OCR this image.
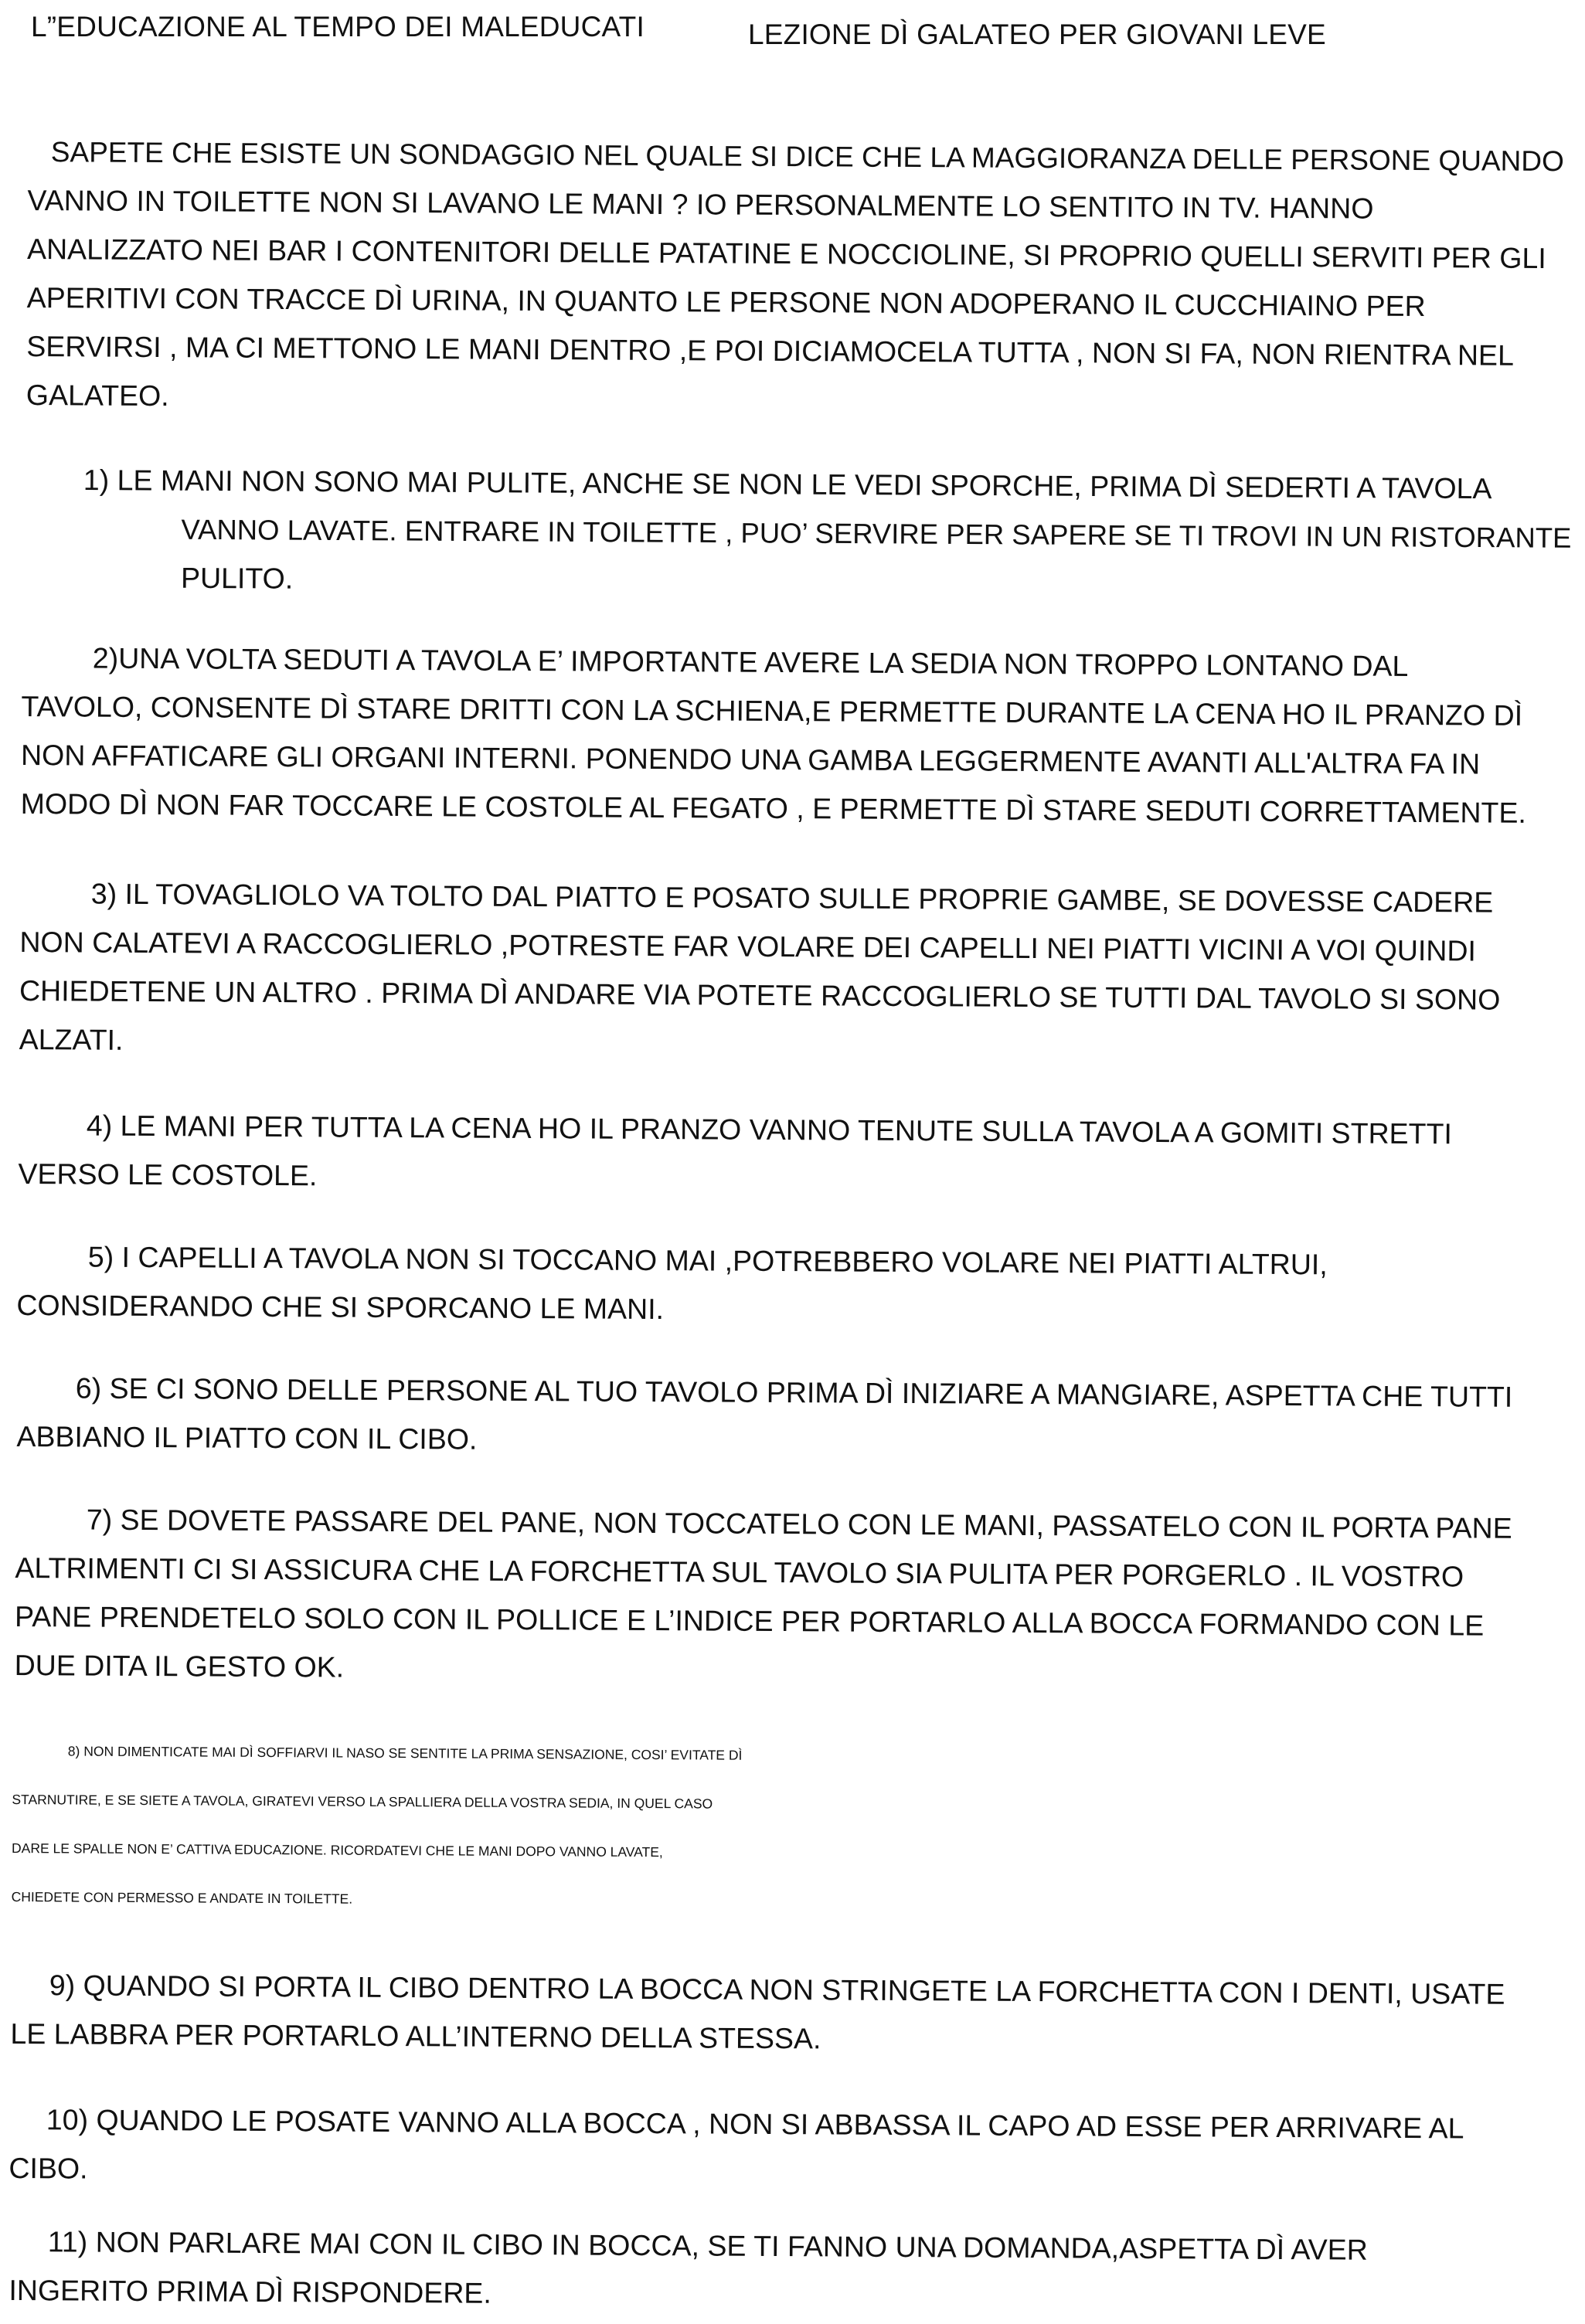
L”EDUCAZIONE AL TEMPO DEI MALEDUCATI	LEZIONE DÌ GALATEO PER GIOVANI LEVE

SAPETE CHE ESISTE UN SONDAGGIO NEL QUALE SI DICE CHE LA MAGGIORANZA DELLE PERSONE QUANDO

VANNO IN TOILETTE NON SI LAVANO LE MANI ? IO PERSONALMENTE LO SENTITO IN TV. HANNO

ANALIZZATO NEI BAR I CONTENITORI DELLE PATATINE E NOCCIOLINE, SI PROPRIO QUELLI SERVITI PER GLI

APERITIVI CON TRACCE DÌ URINA, IN QUANTO LE PERSONE NON ADOPERANO IL CUCCHIAINO PER

SERVIRSI , MA CI METTONO LE MANI DENTRO ,E POI DICIAMOCELA TUTTA , NON SI FA, NON RIENTRA NEL

GALATEO.

1) LE MANI NON SONO MAI PULITE, ANCHE SE NON LE VEDI SPORCHE, PRIMA DÌ SEDERTI A TAVOLA
VANNO LAVATE. ENTRARE IN TOILETTE , PUO’ SERVIRE PER SAPERE SE TI TROVI IN UN RISTORANTE
PULITO.
2)UNA VOLTA SEDUTI A TAVOLA E’ IMPORTANTE AVERE LA SEDIA NON TROPPO LONTANO DAL
TAVOLO, CONSENTE DÌ STARE DRITTI CON LA SCHIENA,E PERMETTE DURANTE LA CENA HO IL PRANZO DÌ
NON AFFATICARE GLI ORGANI INTERNI. PONENDO UNA GAMBA LEGGERMENTE AVANTI ALL'ALTRA FA IN
MODO DÌ NON FAR TOCCARE LE COSTOLE AL FEGATO , E PERMETTE DÌ STARE SEDUTI CORRETTAMENTE.
3) IL TOVAGLIOLO VA TOLTO DAL PIATTO E POSATO SULLE PROPRIE GAMBE, SE DOVESSE CADERE
NON CALATEVI A RACCOGLIERLO ,POTRESTE FAR VOLARE DEI CAPELLI NEI PIATTI VICINI A VOI QUINDI
CHIEDETENE UN ALTRO . PRIMA DÌ ANDARE VIA POTETE RACCOGLIERLO SE TUTTI DAL TAVOLO SI SONO
ALZATI.
4) LE MANI PER TUTTA LA CENA HO IL PRANZO VANNO TENUTE SULLA TAVOLA A GOMITI STRETTI
VERSO LE COSTOLE.
5) I CAPELLI A TAVOLA NON SI TOCCANO MAI ,POTREBBERO VOLARE NEI PIATTI ALTRUI,
CONSIDERANDO CHE SI SPORCANO LE MANI.
6) SE CI SONO DELLE PERSONE AL TUO TAVOLO PRIMA DÌ INIZIARE A MANGIARE, ASPETTA CHE TUTTI
ABBIANO IL PIATTO CON IL CIBO.
7) SE DOVETE PASSARE DEL PANE, NON TOCCATELO CON LE MANI, PASSATELO CON IL PORTA PANE
ALTRIMENTI CI SI ASSICURA CHE LA FORCHETTA SUL TAVOLO SIA PULITA PER PORGERLO . IL VOSTRO
PANE PRENDETELO SOLO CON IL POLLICE E L’INDICE PER PORTARLO ALLA BOCCA FORMANDO CON LE
DUE DITA IL GESTO OK.
8) NON DIMENTICATE MAI DÌ SOFFIARVI IL NASO SE SENTITE LA PRIMA SENSAZIONE, COSI’ EVITATE DÌ
STARNUTIRE, E SE SIETE A TAVOLA, GIRATEVI VERSO LA SPALLIERA DELLA VOSTRA SEDIA, IN QUEL CASO
DARE LE SPALLE NON E’ CATTIVA EDUCAZIONE. RICORDATEVI CHE LE MANI DOPO VANNO LAVATE,
CHIEDETE CON PERMESSO E ANDATE IN TOILETTE.
9) QUANDO SI PORTA IL CIBO DENTRO LA BOCCA NON STRINGETE LA FORCHETTA CON I DENTI, USATE
LE LABBRA PER PORTARLO ALL’INTERNO DELLA STESSA.
10) QUANDO LE POSATE VANNO ALLA BOCCA , NON SI ABBASSA IL CAPO AD ESSE PER ARRIVARE AL
CIBO.
11) NON PARLARE MAI CON IL CIBO IN BOCCA, SE TI FANNO UNA DOMANDA,ASPETTA DÌ AVER
INGERITO PRIMA DÌ RISPONDERE.
